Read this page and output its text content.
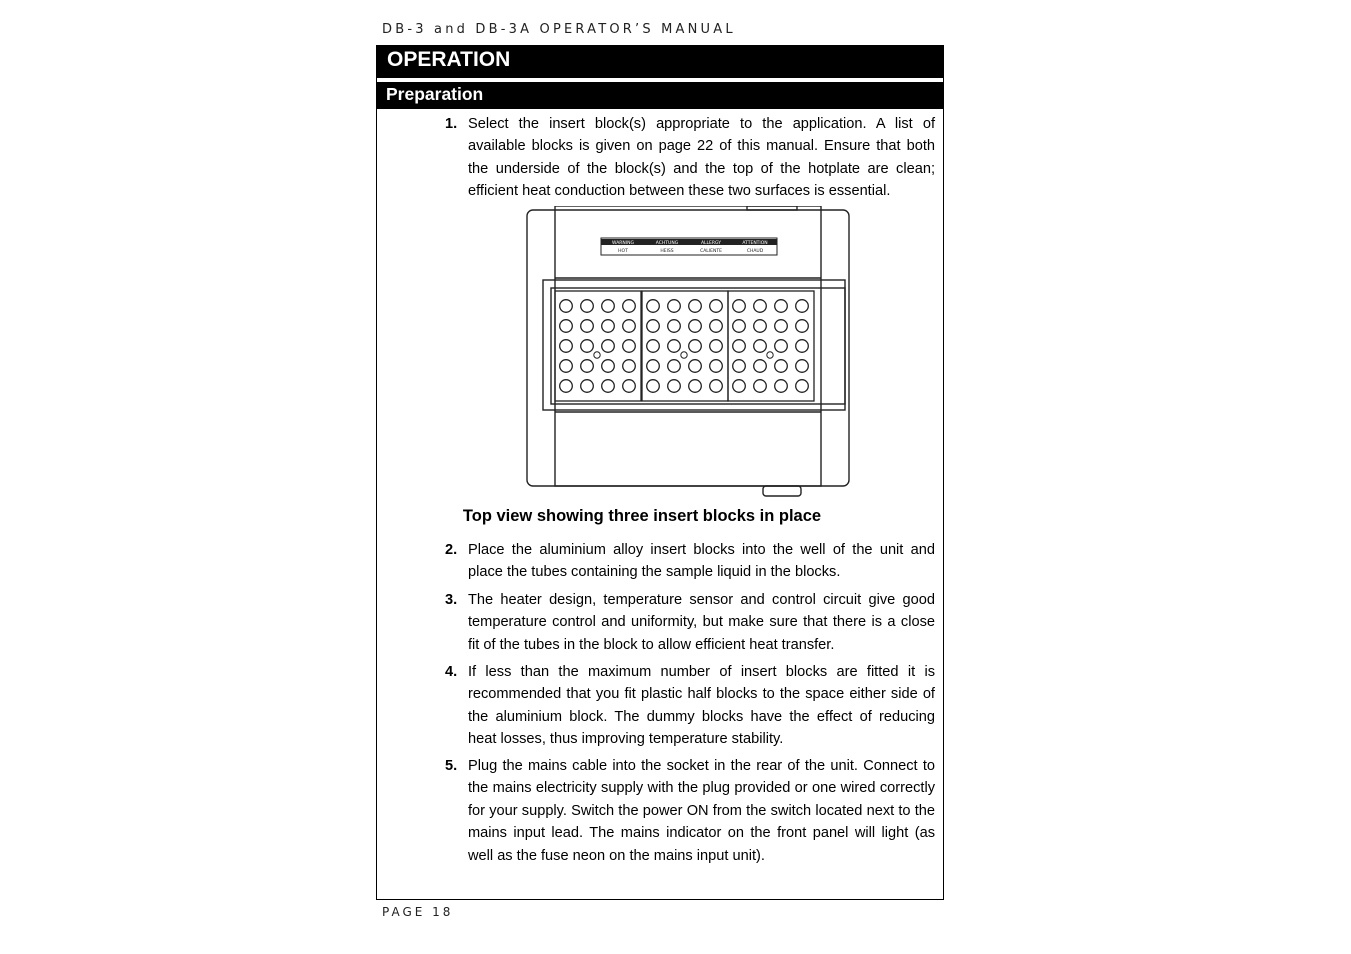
DB-3 and DB-3A OPERATOR’S MANUAL
OPERATION
Preparation
1. Select the insert block(s) appropriate to the application. A list of available blocks is given on page 22 of this manual. Ensure that both the underside of the block(s) and the top of the hotplate are clean; efficient heat conduction between these two surfaces is essential.
WARNING	ACHTUNG	ALLERGY	ATTENTION
HOT	HEISS	CALIENTE	CHAUD
Top view showing three insert blocks in place
2. Place the aluminium alloy insert blocks into the well of the unit and place the tubes containing the sample liquid in the blocks.
3. The heater design, temperature sensor and control circuit give good temperature control and uniformity, but make sure that there is a close fit of the tubes in the block to allow efficient heat transfer.
4. If less than the maximum number of insert blocks are fitted it is recommended that you fit plastic half blocks to the space either side of the aluminium block. The dummy blocks have the effect of reducing heat losses, thus improving temperature stability.
5. Plug the mains cable into the socket in the rear of the unit. Connect to the mains electricity supply with the plug provided or one wired correctly for your supply. Switch the power ON from the switch located next to the mains input lead. The mains indicator on the front panel will light (as well as the fuse neon on the mains input unit).
PAGE 18
